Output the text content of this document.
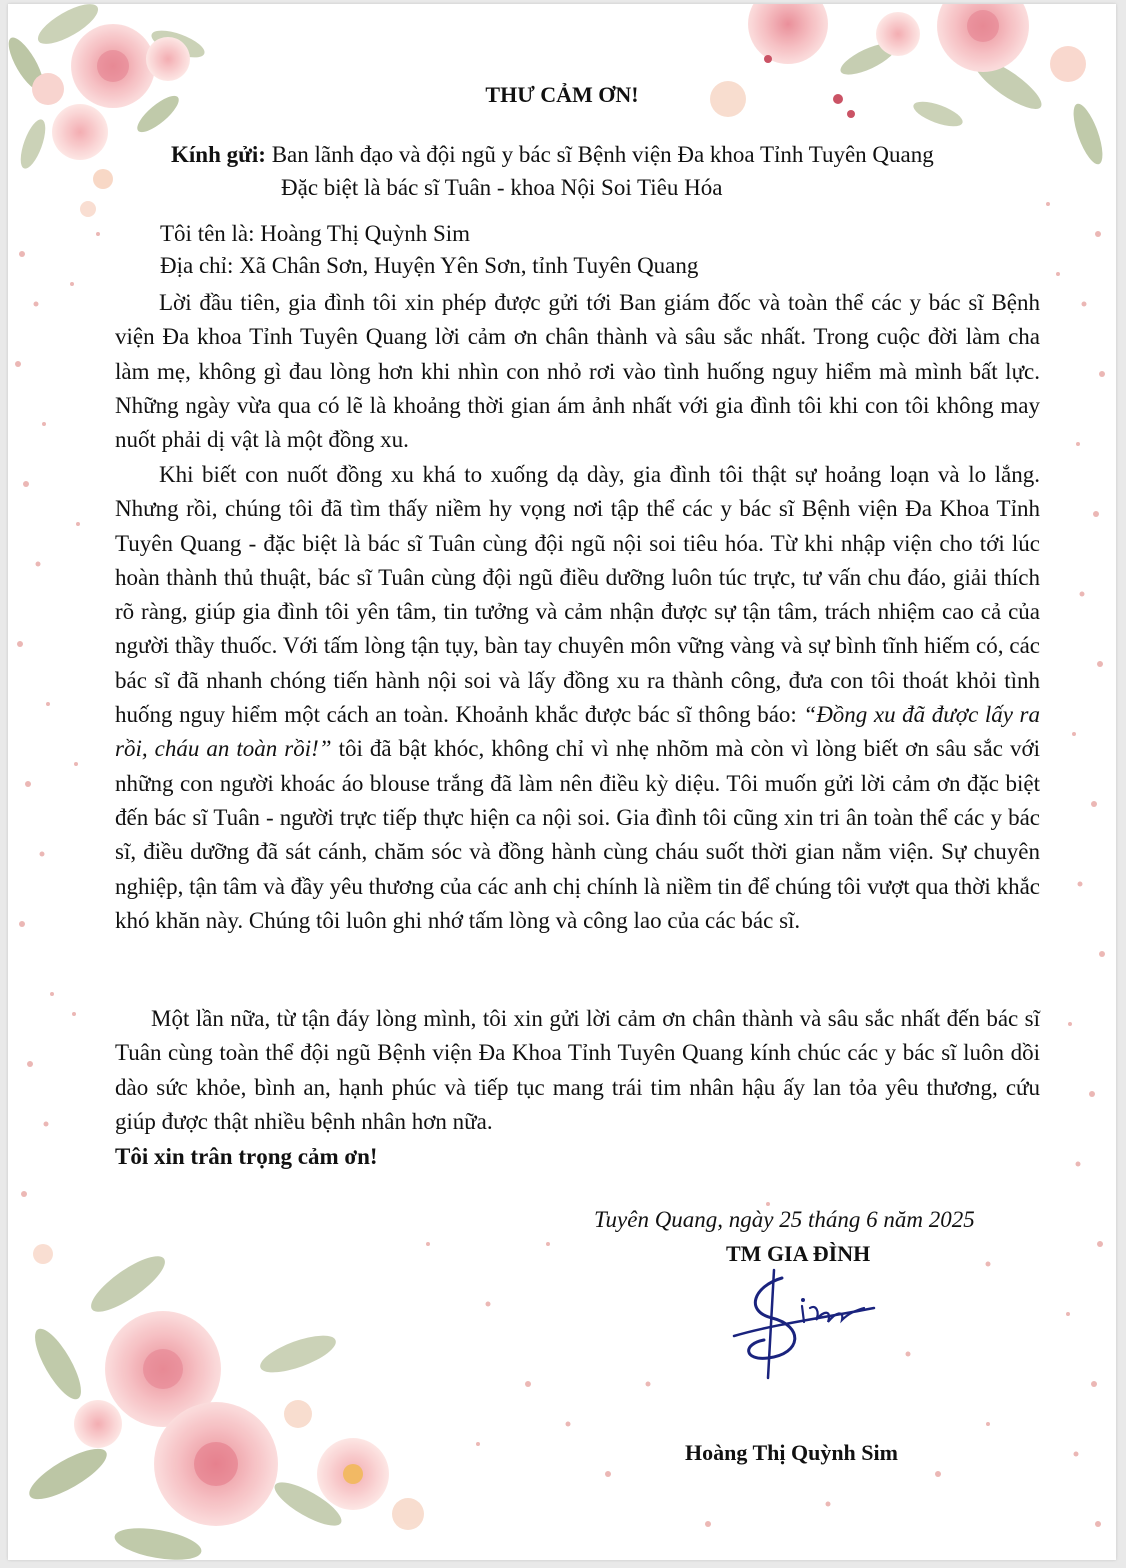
THƯ CẢM ƠN!
Kính gửi: Ban lãnh đạo và đội ngũ y bác sĩ Bệnh viện Đa khoa Tỉnh Tuyên Quang
Đặc biệt là bác sĩ Tuân - khoa Nội Soi Tiêu Hóa
Tôi tên là: Hoàng Thị Quỳnh Sim
Địa chỉ: Xã Chân Sơn, Huyện Yên Sơn, tỉnh Tuyên Quang

Lời đầu tiên, gia đình tôi xin phép được gửi tới Ban giám đốc và toàn thể các y bác sĩ Bệnh viện Đa khoa Tỉnh Tuyên Quang lời cảm ơn chân thành và sâu sắc nhất. Trong cuộc đời làm cha làm mẹ, không gì đau lòng hơn khi nhìn con nhỏ rơi vào tình huống nguy hiểm mà mình bất lực. Những ngày vừa qua có lẽ là khoảng thời gian ám ảnh nhất với gia đình tôi khi con tôi không may nuốt phải dị vật là một đồng xu.

Khi biết con nuốt đồng xu khá to xuống dạ dày, gia đình tôi thật sự hoảng loạn và lo lắng. Nhưng rồi, chúng tôi đã tìm thấy niềm hy vọng nơi tập thể các y bác sĩ Bệnh viện Đa Khoa Tỉnh Tuyên Quang - đặc biệt là bác sĩ Tuân cùng đội ngũ nội soi tiêu hóa. Từ khi nhập viện cho tới lúc hoàn thành thủ thuật, bác sĩ Tuân cùng đội ngũ điều dưỡng luôn túc trực, tư vấn chu đáo, giải thích rõ ràng, giúp gia đình tôi yên tâm, tin tưởng và cảm nhận được sự tận tâm, trách nhiệm cao cả của người thầy thuốc. Với tấm lòng tận tụy, bàn tay chuyên môn vững vàng và sự bình tĩnh hiếm có, các bác sĩ đã nhanh chóng tiến hành nội soi và lấy đồng xu ra thành công, đưa con tôi thoát khỏi tình huống nguy hiểm một cách an toàn. Khoảnh khắc được bác sĩ thông báo: “Đồng xu đã được lấy ra rồi, cháu an toàn rồi!” tôi đã bật khóc, không chỉ vì nhẹ nhõm mà còn vì lòng biết ơn sâu sắc với những con người khoác áo blouse trắng đã làm nên điều kỳ diệu. Tôi muốn gửi lời cảm ơn đặc biệt đến bác sĩ Tuân - người trực tiếp thực hiện ca nội soi. Gia đình tôi cũng xin tri ân toàn thể các y bác sĩ, điều dưỡng đã sát cánh, chăm sóc và đồng hành cùng cháu suốt thời gian nằm viện. Sự chuyên nghiệp, tận tâm và đầy yêu thương của các anh chị chính là niềm tin để chúng tôi vượt qua thời khắc khó khăn này. Chúng tôi luôn ghi nhớ tấm lòng và công lao của các bác sĩ.

Một lần nữa, từ tận đáy lòng mình, tôi xin gửi lời cảm ơn chân thành và sâu sắc nhất đến bác sĩ Tuân cùng toàn thể đội ngũ Bệnh viện Đa Khoa Tỉnh Tuyên Quang kính chúc các y bác sĩ luôn dồi dào sức khỏe, bình an, hạnh phúc và tiếp tục mang trái tim nhân hậu ấy lan tỏa yêu thương, cứu giúp được thật nhiều bệnh nhân hơn nữa.

Tôi xin trân trọng cảm ơn!
Tuyên Quang, ngày 25 tháng 6 năm 2025
TM GIA ĐÌNH
Hoàng Thị Quỳnh Sim
